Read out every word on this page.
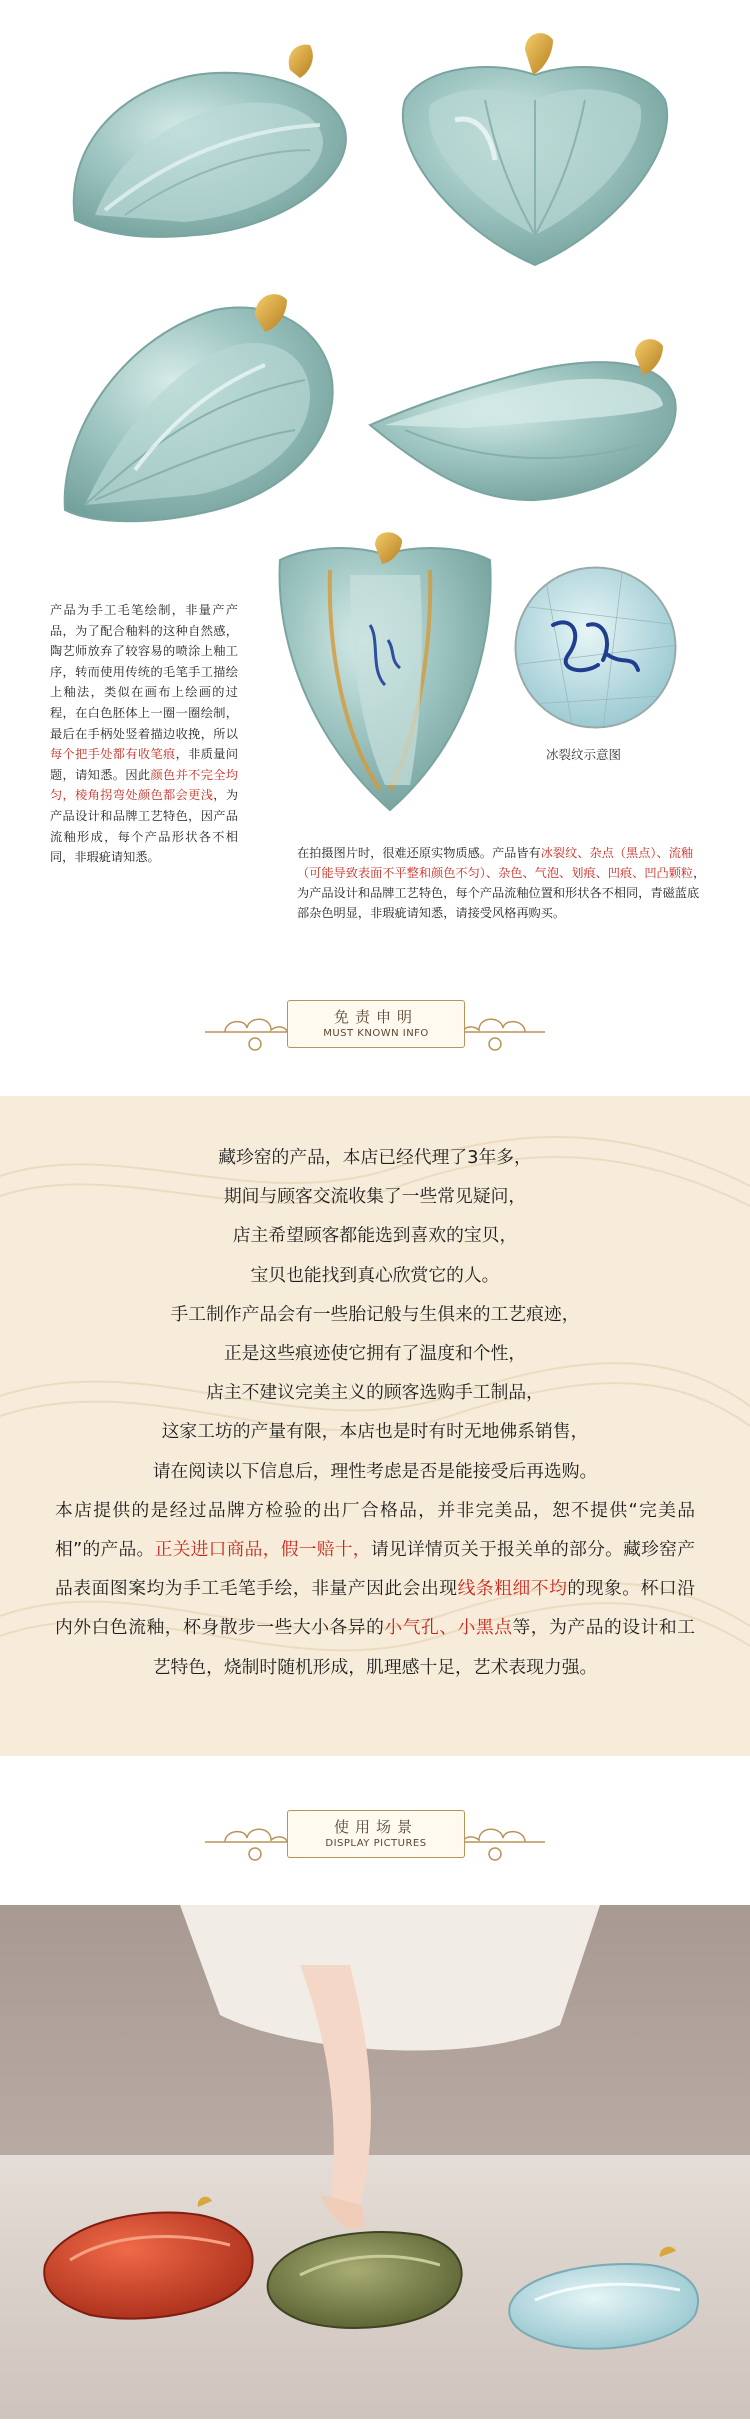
产品为手工毛笔绘制，非量产产品，为了配合釉料的这种自然感，陶艺师放弃了较容易的喷涂上釉工序，转而使用传统的毛笔手工描绘上釉法，类似在画布上绘画的过程，在白色胚体上一圈一圈绘制，最后在手柄处竖着描边收挽，所以每个把手处都有收笔痕，非质量问题，请知悉。因此颜色并不完全均匀，棱角拐弯处颜色都会更浅，为产品设计和品牌工艺特色，因产品流釉形成，每个产品形状各不相同，非瑕疵请知悉。
冰裂纹示意图
在拍摄图片时，很难还原实物质感。产品皆有冰裂纹、杂点（黑点）、流釉（可能导致表面不平整和颜色不匀）、杂色、气泡、划痕、凹痕、凹凸颗粒，为产品设计和品牌工艺特色，每个产品流釉位置和形状各不相同，青磁蓝底部杂色明显，非瑕疵请知悉，请接受风格再购买。
免责申明
MUST KNOWN INFO

藏珍窑的产品，本店已经代理了3年多，

期间与顾客交流收集了一些常见疑问，

店主希望顾客都能选到喜欢的宝贝，

宝贝也能找到真心欣赏它的人。

手工制作产品会有一些胎记般与生俱来的工艺痕迹，

正是这些痕迹使它拥有了温度和个性，

店主不建议完美主义的顾客选购手工制品，

这家工坊的产量有限，本店也是时有时无地佛系销售，

请在阅读以下信息后，理性考虑是否是能接受后再选购。

本店提供的是经过品牌方检验的出厂合格品，并非完美品，恕不提供“完美品相”的产品。正关进口商品，假一赔十，请见详情页关于报关单的部分。藏珍窑产品表面图案均为手工毛笔手绘，非量产因此会出现线条粗细不均的现象。杯口沿内外白色流釉，杯身散步一些大小各异的小气孔、小黑点等，为产品的设计和工艺特色，烧制时随机形成，肌理感十足，艺术表现力强。

使用场景
DISPLAY PICTURES
